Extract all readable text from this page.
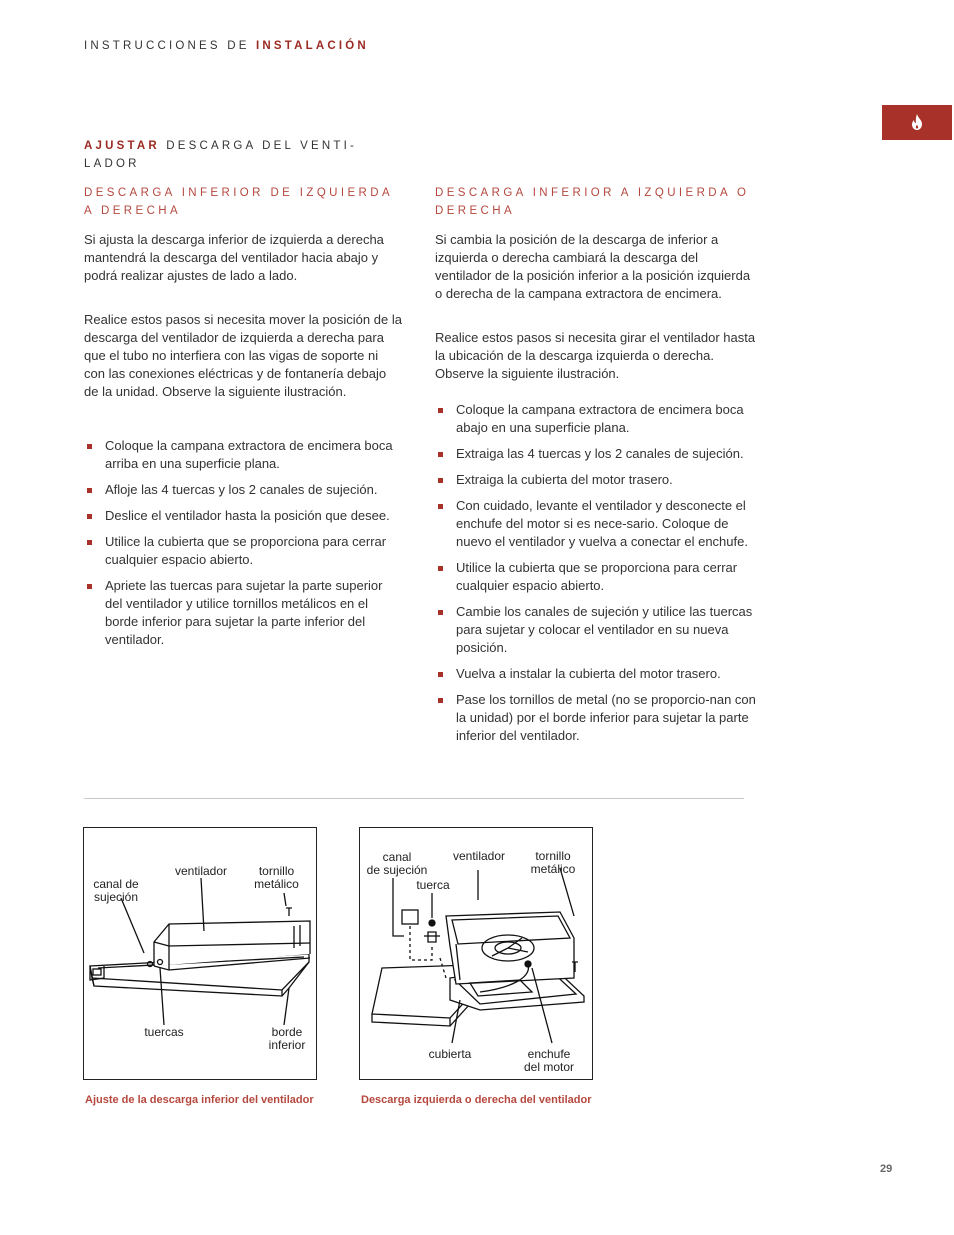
INSTRUCCIONES DE INSTALACIÓN
AJUSTAR DESCARGA DEL VENTI-
LADOR
DESCARGA INFERIOR DE IZQUIERDA A DERECHA
Si ajusta la descarga inferior de izquierda a derecha mantendrá la descarga del ventilador hacia abajo y podrá realizar ajustes de lado a lado.
Realice estos pasos si necesita mover la posición de la descarga del ventilador de izquierda a derecha para que el tubo no interfiera con las vigas de soporte ni con las conexiones eléctricas y de fontanería debajo de la unidad. Observe la siguiente ilustración.
Coloque la campana extractora de encimera boca arriba en una superficie plana.
Afloje las 4 tuercas y los 2 canales de sujeción.
Deslice el ventilador hasta la posición que desee.
Utilice la cubierta que se proporciona para cerrar cualquier espacio abierto.
Apriete las tuercas para sujetar la parte superior del ventilador y utilice tornillos metálicos en el borde inferior para sujetar la parte inferior del ventilador.
DESCARGA INFERIOR A IZQUIERDA O DERECHA
Si cambia la posición de la descarga de inferior a izquierda o derecha cambiará la descarga del ventilador de la posición inferior a la posición izquierda o derecha de la campana extractora de encimera.
Realice estos pasos si necesita girar el ventilador hasta la ubicación de la descarga izquierda o derecha. Observe la siguiente ilustración.
Coloque la campana extractora de encimera boca abajo en una superficie plana.
Extraiga las 4 tuercas y los 2 canales de sujeción.
Extraiga la cubierta del motor trasero.
Con cuidado, levante el ventilador y desconecte el enchufe del motor si es nece-sario. Coloque de nuevo el ventilador y vuelva a conectar el enchufe.
Utilice la cubierta que se proporciona para cerrar cualquier espacio abierto.
Cambie los canales de sujeción y utilice las tuercas para sujetar y colocar el ventilador en su nueva posición.
Vuelva a instalar la cubierta del motor trasero.
Pase los tornillos de metal (no se proporcio-nan con la unidad) por el borde inferior para sujetar la parte inferior del ventilador.
canal de
sujeción
ventilador	tornillo
metálico
tuercas	borde
inferior
Ajuste de la descarga inferior del ventilador
canal
de sujeción
ventilador	tornillo
metálico
tuerca
cubierta	enchufe
del motor
Descarga izquierda o derecha del ventilador
29
